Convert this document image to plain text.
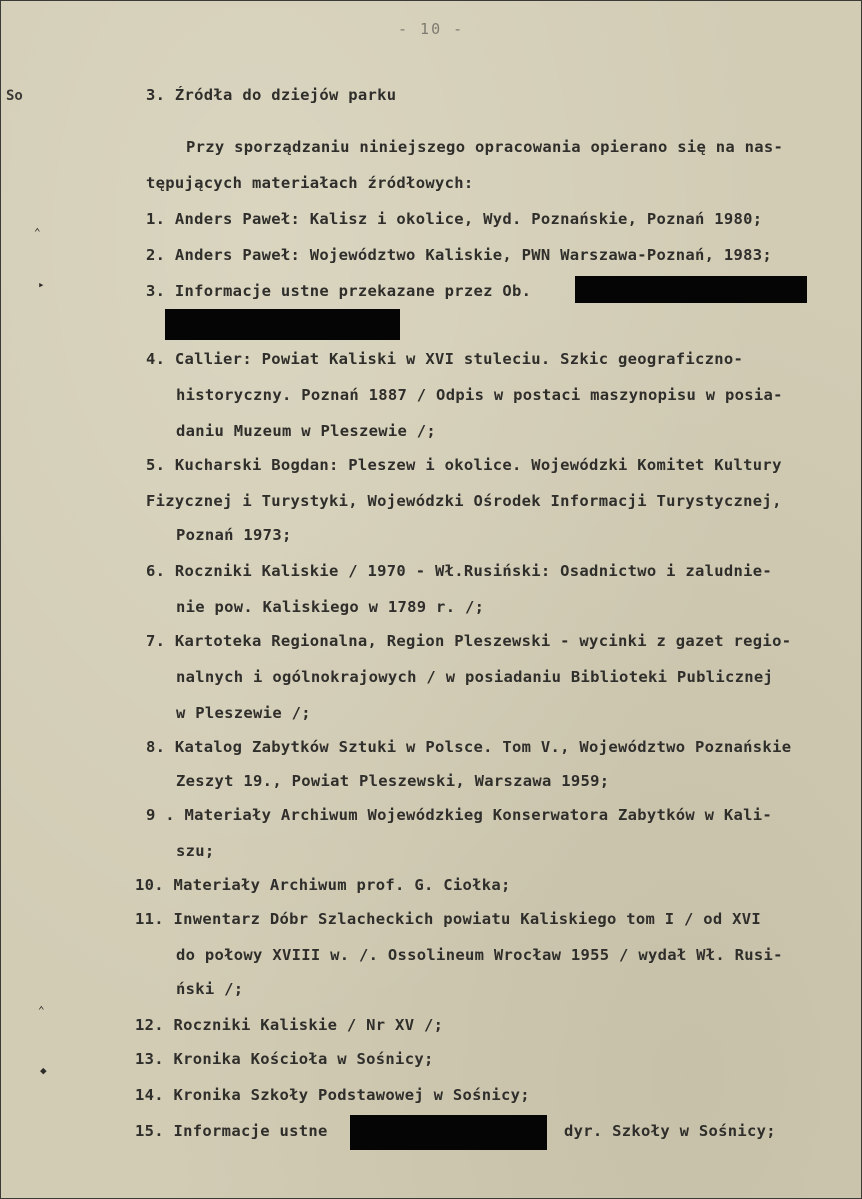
- 10 -
So	3. Źródła do dziejów parku
Przy sporządzaniu niniejszego opracowania opierano się na nas-
tępujących materiałach źródłowych:
1. Anders Paweł: Kalisz i okolice, Wyd. Poznańskie, Poznań 1980;
2. Anders Paweł: Województwo Kaliskie, PWN Warszawa-Poznań, 1983;
3. Informacje ustne przekazane przez Ob.
4. Callier: Powiat Kaliski w XVI stuleciu. Szkic geograficzno-
historyczny. Poznań 1887 / Odpis w postaci maszynopisu w posia-
daniu Muzeum w Pleszewie /;
5. Kucharski Bogdan: Pleszew i okolice. Wojewódzki Komitet Kultury
Fizycznej i Turystyki, Wojewódzki Ośrodek Informacji Turystycznej,
Poznań 1973;
6. Roczniki Kaliskie / 1970 - Wł.Rusiński: Osadnictwo i zaludnie-
nie pow. Kaliskiego w 1789 r. /;
7. Kartoteka Regionalna, Region Pleszewski - wycinki z gazet regio-
nalnych i ogólnokrajowych / w posiadaniu Biblioteki Publicznej
w Pleszewie /;
8. Katalog Zabytków Sztuki w Polsce. Tom V., Województwo Poznańskie
Zeszyt 19., Powiat Pleszewski, Warszawa 1959;
9 . Materiały Archiwum Wojewódzkieg Konserwatora Zabytków w Kali-
szu;
10. Materiały Archiwum prof. G. Ciołka;
11. Inwentarz Dóbr Szlacheckich powiatu Kaliskiego tom I / od XVI
do połowy XVIII w. /. Ossolineum Wrocław 1955 / wydał Wł. Rusi-
ński /;
12. Roczniki Kaliskie / Nr XV /;
13. Kronika Kościoła w Sośnicy;
14. Kronika Szkoły Podstawowej w Sośnicy;
15. Informacje ustne	dyr. Szkoły w Sośnicy;
⌃
▸
⌃
◆
